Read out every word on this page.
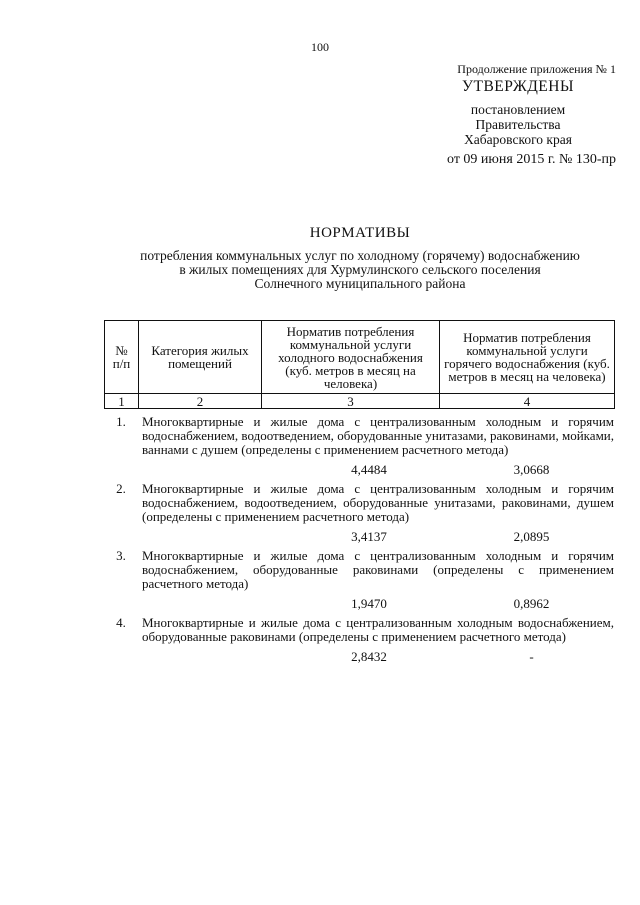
100
Продолжение приложения № 1
УТВЕРЖДЕНЫ
постановлением
Правительства
Хабаровского края
от 09 июня 2015 г. № 130-пр
НОРМАТИВЫ
потребления коммунальных услуг по холодному (горячему) водоснабжению
в жилых помещениях для Хурмулинского сельского поселения
Солнечного муниципального района
№ п/п	Категория жилых помещений	Норматив потребления коммунальной услуги холодного водоснабжения (куб. метров в месяц на человека)	Норматив потребления коммунальной услуги горячего водоснабжения (куб. метров в месяц на человека)
1	2	3	4
1.	Многоквартирные и жилые дома с централизованным холодным и горячим водоснабжением, водоотведением, оборудованные унитазами, раковинами, мойками, ваннами с душем (определены с применением расчетного метода)
4,4484	3,0668
2.	Многоквартирные и жилые дома с централизованным холодным и горячим водоснабжением, водоотведением, оборудованные унитазами, раковинами, душем (определены с применением расчетного метода)
3,4137	2,0895
3.	Многоквартирные и жилые дома с централизованным холодным и горячим водоснабжением, оборудованные раковинами (определены с применением расчетного метода)
1,9470	0,8962
4.	Многоквартирные и жилые дома с централизованным холодным водоснабжением, оборудованные раковинами (определены с применением расчетного метода)
2,8432	-
